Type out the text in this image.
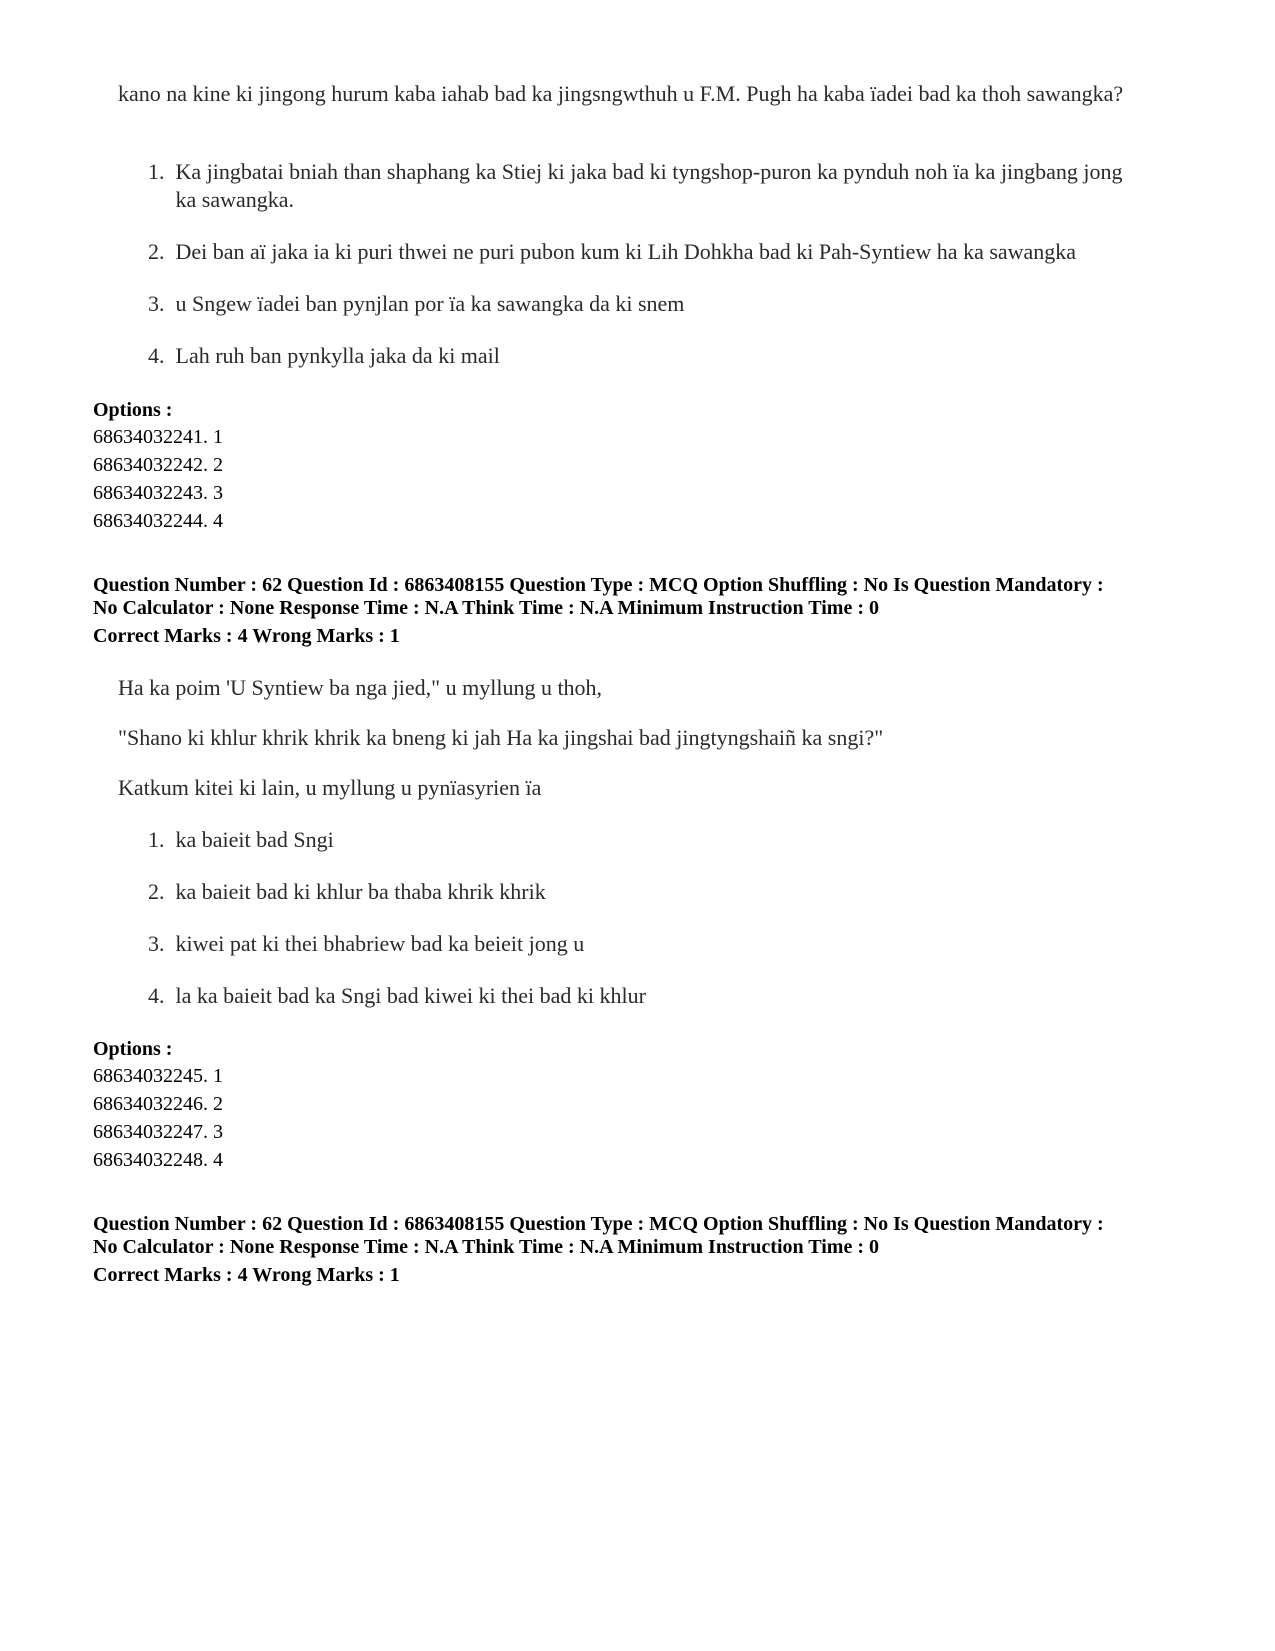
kano na kine ki jingong hurum kaba iahab bad ka jingsngwthuh u F.M. Pugh ha kaba ïadei bad ka thoh sawangka?
1. Ka jingbatai bniah than shaphang ka Stiej ki jaka bad ki tyngshop-puron ka pynduh noh ïa ka jingbang jong ka sawangka.
2. Dei ban aï jaka ia ki puri thwei ne puri pubon kum ki Lih Dohkha bad ki Pah-Syntiew ha ka sawangka
3. u Sngew ïadei ban pynjlan por ïa ka sawangka da ki snem
4. Lah ruh ban pynkylla jaka da ki mail
Options :
68634032241. 1
68634032242. 2
68634032243. 3
68634032244. 4
Question Number : 62 Question Id : 6863408155 Question Type : MCQ Option Shuffling : No Is Question Mandatory :
No Calculator : None Response Time : N.A Think Time : N.A Minimum Instruction Time : 0
Correct Marks : 4 Wrong Marks : 1
Ha ka poim 'U Syntiew ba nga jied," u myllung u thoh,
"Shano ki khlur khrik khrik ka bneng ki jah Ha ka jingshai bad jingtyngshaiñ ka sngi?"
Katkum kitei ki lain, u myllung u pynïasyrien ïa
1. ka baieit bad Sngi
2. ka baieit bad ki khlur ba thaba khrik khrik
3. kiwei pat ki thei bhabriew bad ka beieit jong u
4. la ka baieit bad ka Sngi bad kiwei ki thei bad ki khlur
Options :
68634032245. 1
68634032246. 2
68634032247. 3
68634032248. 4
Question Number : 62 Question Id : 6863408155 Question Type : MCQ Option Shuffling : No Is Question Mandatory :
No Calculator : None Response Time : N.A Think Time : N.A Minimum Instruction Time : 0
Correct Marks : 4 Wrong Marks : 1
